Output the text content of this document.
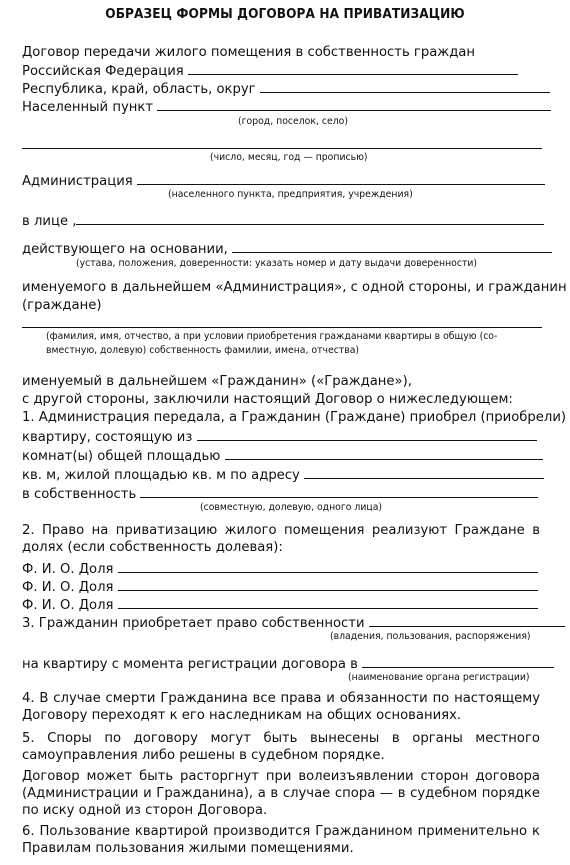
ОБРАЗЕЦ ФОРМЫ ДОГОВОРА НА ПРИВАТИЗАЦИЮ
Договор передачи жилого помещения в собственность граждан
Российская Федерация
Республика, край, область, округ
Населенный пункт
(город, поселок, село)
(число, месяц, год — прописью)
Администрация
(населенного пункта, предприятия, учреждения)
в лице ,
действующего на основании,
(устава, положения, доверенности: указать номер и дату выдачи доверенности)
именуемого в дальнейшем «Администрация», с одной стороны, и гражданин
(граждане)
(фамилия, имя, отчество, а при условии приобретения гражданами квартиры в общую (со-
вместную, долевую) собственность фамилии, имена, отчества)
именуемый в дальнейшем «Гражданин» («Граждане»),
с другой стороны, заключили настоящий Договор о нижеследующем:
1. Администрация передала, а Гражданин (Граждане) приобрел (приобрели)
квартиру, состоящую из
комнат(ы) общей площадью
кв. м, жилой площадью кв. м по адресу
в собственность
(совместную, долевую, одного лица)
2. Право на приватизацию жилого помещения реализуют Граждане в долях (если собственность долевая):
Ф. И. О. Доля
Ф. И. О. Доля
Ф. И. О. Доля
3. Гражданин приобретает право собственности
(владения, пользования, распоряжения)
на квартиру с момента регистрации договора в
(наименование органа регистрации)
4. В случае смерти Гражданина все права и обязанности по настоящему Договору переходят к его наследникам на общих основаниях.
5. Споры по договору могут быть вынесены в органы местного самоуправления либо решены в судебном порядке.
Договор может быть расторгнут при волеизъявлении сторон договора (Администрации и Гражданина), а в случае спора — в судебном порядке по иску одной из сторон Договора.
6. Пользование квартирой производится Гражданином применительно к Правилам пользования жилыми помещениями.
